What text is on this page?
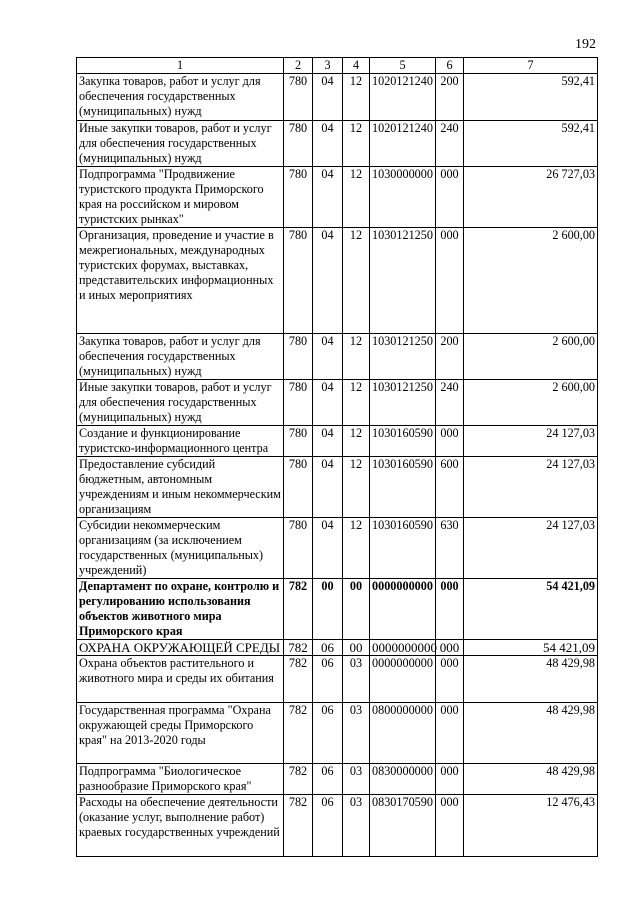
192
1	2	3	4	5	6	7
Закупка товаров, работ и услуг для обеспечения государственных (муниципальных) нужд	780	04	12	1020121240	200	592,41
Иные закупки товаров, работ и услуг для обеспечения государственных (муниципальных) нужд	780	04	12	1020121240	240	592,41
Подпрограмма "Продвижение туристского продукта Приморского края на российском и мировом туристских рынках"	780	04	12	1030000000	000	26 727,03
Организация, проведение и участие в межрегиональных, международных туристских форумах, выставках, представительских информационных и иных мероприятиях	780	04	12	1030121250	000	2 600,00
Закупка товаров, работ и услуг для обеспечения государственных (муниципальных) нужд	780	04	12	1030121250	200	2 600,00
Иные закупки товаров, работ и услуг для обеспечения государственных (муниципальных) нужд	780	04	12	1030121250	240	2 600,00
Создание и функционирование туристско-информационного центра	780	04	12	1030160590	000	24 127,03
Предоставление субсидий бюджетным, автономным учреждениям и иным некоммерческим организациям	780	04	12	1030160590	600	24 127,03
Субсидии некоммерческим организациям (за исключением государственных (муниципальных) учреждений)	780	04	12	1030160590	630	24 127,03
Департамент по охране, контролю и регулированию использования объектов животного мира Приморского края	782	00	00	0000000000	000	54 421,09
ОХРАНА ОКРУЖАЮЩЕЙ СРЕДЫ	782	06	00	0000000000	000	54 421,09
Охрана объектов растительного и животного мира и среды их обитания	782	06	03	0000000000	000	48 429,98
Государственная программа "Охрана окружающей среды Приморского края" на 2013-2020 годы	782	06	03	0800000000	000	48 429,98
Подпрограмма "Биологическое разнообразие Приморского края"	782	06	03	0830000000	000	48 429,98
Расходы на обеспечение деятельности (оказание услуг, выполнение работ) краевых государственных учреждений	782	06	03	0830170590	000	12 476,43
